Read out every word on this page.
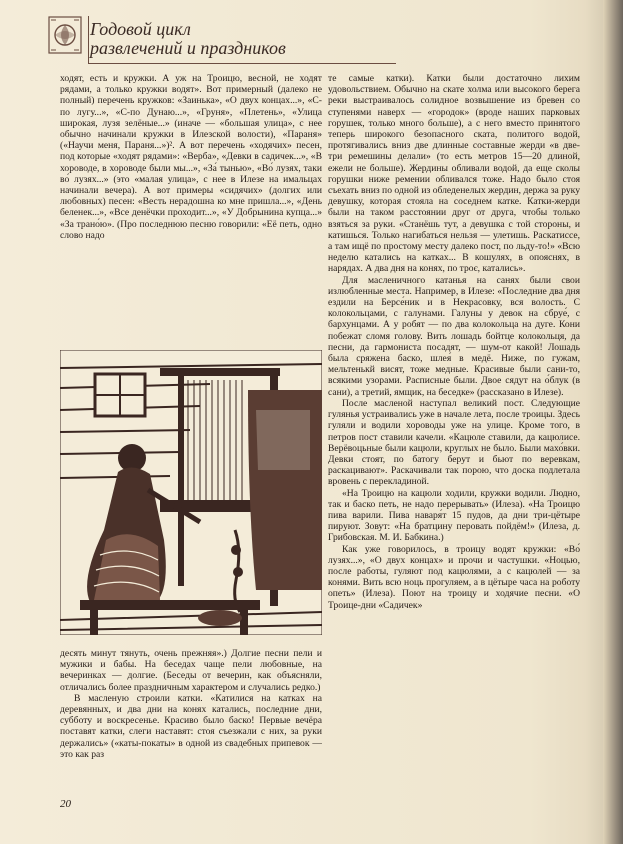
Годовой цикл
развлечений и праздников

ходят, есть и кружки. А уж на Троицю, весной, не ходят рядами, а только кружки водят». Вот примерный (далеко не полный) перечень кружков: «Заинька», «О двух концах...», «С-по лугу...», «С-по Дунаю...», «Груня», «Плетень», «Улица широкая, лузя зелёные...» (иначе — «большая улица», с нее обычно начинали кружки в Илезской волости), «Параня» («Научи меня, Параня...»)². А вот перечень «ходячих» песен, под которые «ходят рядами»: «Верба», «Девки в садичек...», «В хороводе, в хороводе были мы...», «За́ тынью», «Во́ лузях, таки во́ лузях...» (это «малая улица», с нее в Илезе на имальцах начинали вечера). А вот примеры «сидячих» (долгих или любовных) песен: «Весть нерадошна ко мне пришла...», «День беленек...», «Все денёчки проходит...», «У Добрынина купца...» «За трано́ю». (Про последнюю песню говорили: «Её петь, одно слово надо

десять минут тянуть, очень прежняя».) Долгие песни пели и мужики и бабы. На беседах чаще пели любовные, на вечеринках — долгие. (Беседы от вечерин, как объясняли, отличались более праздничным характером и случались редко.)

В масленую строили катки. «Катилися на катках на деревянных, и два дни на конях катались, последние дни, субботу и воскресенье. Красиво было баско! Первые вечёра поставят катки, слеги наставят: стоя съезжали с них, за руки держались» («каты-покаты» в одной из свадебных припевок — это как раз

те самые катки). Катки были достаточно лихим удовольствием. Обычно на скате холма или высокого берега реки выстраивалось солидное возвышение из бревен со ступенями наверх — «городок» (вроде наших парковых горушек, только много больше), а с него вместо принятого теперь широкого безопасного ската, политого водой, протягивались вниз две длинные составные жерди «в две-три ремешины делали» (то есть метров 15—20 длиной, ежели не больше). Жердины обливали водой, да еще сколы горушки ниже ремении обливался тоже. Надо было стоя съехать вниз по одной из обледенелых жердин, держа за руку девушку, которая стояла на соседнем катке. Катки-жерди были на таком расстоянии друг от друга, чтобы только взяться за руки. «Станёшь тут, а девушка с той стороны, и катишься. Только нагибаться нельзя — улетишь. Раскатиссе, а там ищё по простому месту далеко пост, по льду-то!» «Всю неделю катались на катках... В кошулях, в опояснях, в нарядах. А два дня на конях, по троє, катались».

Для масленичного катанья на санях были свои излюбленные места. Например, в Илезе: «Последние два дня ездили на Берсе́ник и в Некрасовку, вся волость. С колокольцами, с галунами. Галуны у девок на сбруе́, с бархунцами. А у робят — по два колокольца на дуге. Кони побежат сломя голову. Вить лошадь бойтце колокольця, да песни, да гармониста посадят, — шум-от какой! Лошадь была сряжена баско, шлея́ в медё. Ниже, по гужам, мельтенькй висят, тоже медные. Красивые были сани-то, всякими узорами. Расписные были. Двое сядут на о́блук (в сани), а третий, ямщик, на беседке» (рассказано в Илезе).

После масленой наступал великий пост. Следующие гулянья устраивались уже в начале лета, после троицы. Здесь гуляли и водили хороводы уже на улице. Кроме того, в петров пост ставили качели. «Кацюле ставили, да кацюлисе. Верёвоцьные были кацюли, круглых не было. Были махо́вки. Девки стоят, по батогу берут и бьют по веревкам, раскацивают». Раскачивали так порою, что доска подлетала вровень с перекладиной.

«На Троицю на кацюли ходили, кружки водили. Людно, так и баско петь, не надо перерывать» (Илеза). «На Троицю пива варили. Пива наваря́т 15 пудов, да дни три-цётыре пируют. Зовут: «На братцину перовать пойдём!» (Илеза, д. Грибовская. М. И. Бабкина.)

Как уже говорилось, в троицу водят кружки: «Во́ лузях...», «О двух концах» и прочи и частушки. «Ноцью, после работы, гуляют под кацюлями, а с кацюлей — за конями. Вить всю ноць прогуляем, а в цётыре часа на роботу опеть» (Илеза). Поют на троицу и ходячие песни. «О Троице-дни «Садичек»

20
